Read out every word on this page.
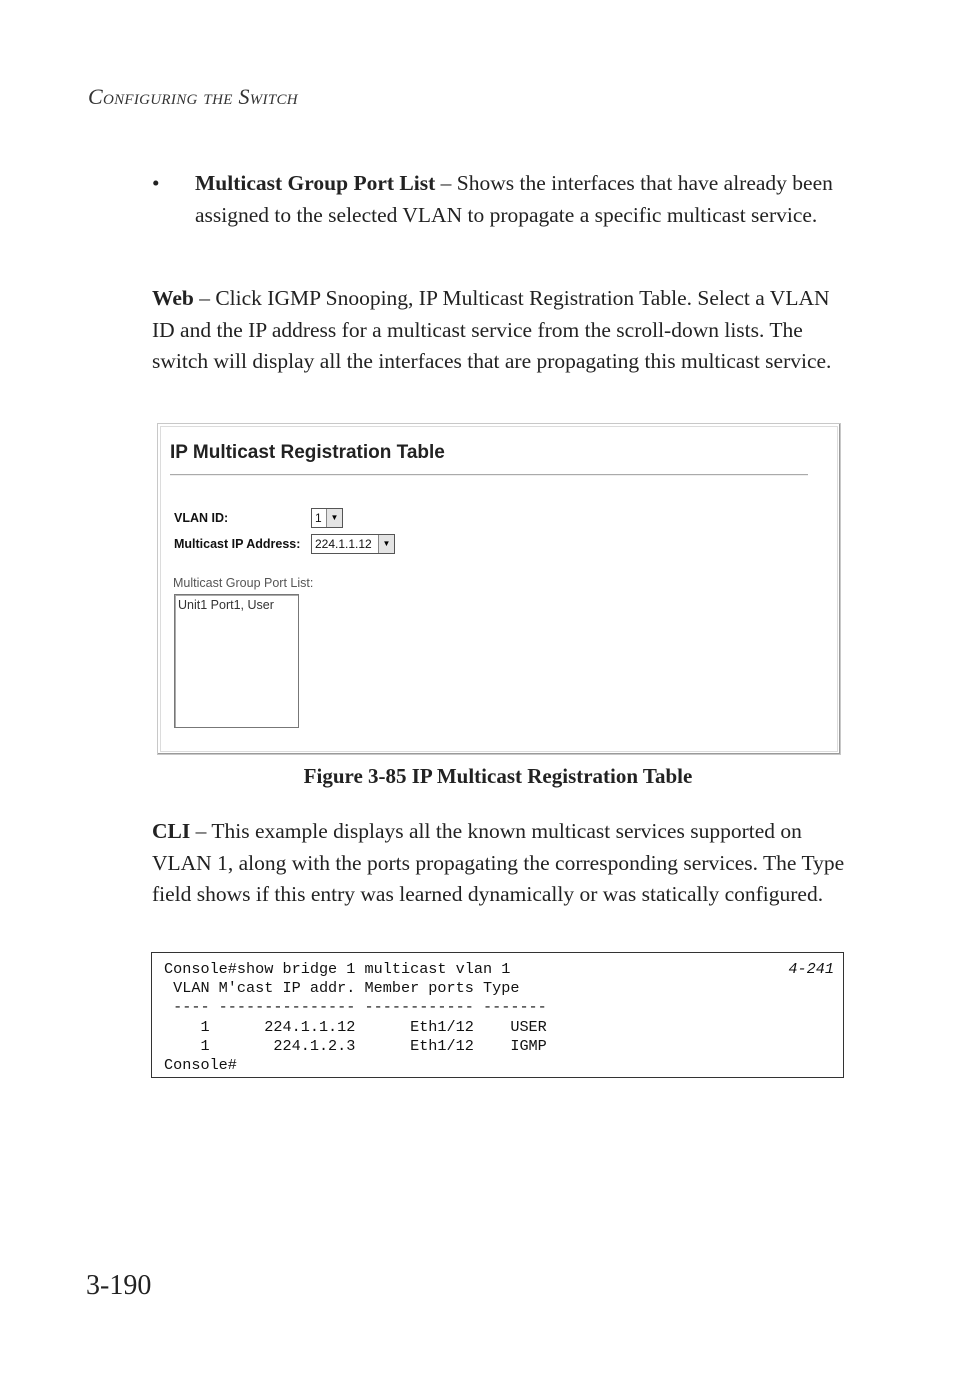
Configuring the Switch
• Multicast Group Port List – Shows the interfaces that have already been assigned to the selected VLAN to propagate a specific multicast service.
Web – Click IGMP Snooping, IP Multicast Registration Table. Select a VLAN ID and the IP address for a multicast service from the scroll-down lists. The switch will display all the interfaces that are propagating this multicast service.
IP Multicast Registration Table
VLAN ID:	1	▼
Multicast IP Address: 224.1.1.12	▼
Multicast Group Port List:
Unit1 Port1, User
Figure 3-85 IP Multicast Registration Table
CLI – This example displays all the known multicast services supported on VLAN 1, along with the ports propagating the corresponding services. The Type field shows if this entry was learned dynamically or was statically configured.
Console#show bridge 1 multicast vlan 1
VLAN M'cast IP addr. Member ports Type
---- --------------- ------------ -------
1      224.1.1.12      Eth1/12    USER
1       224.1.2.3      Eth1/12    IGMP
Console#
4-241
3-190
